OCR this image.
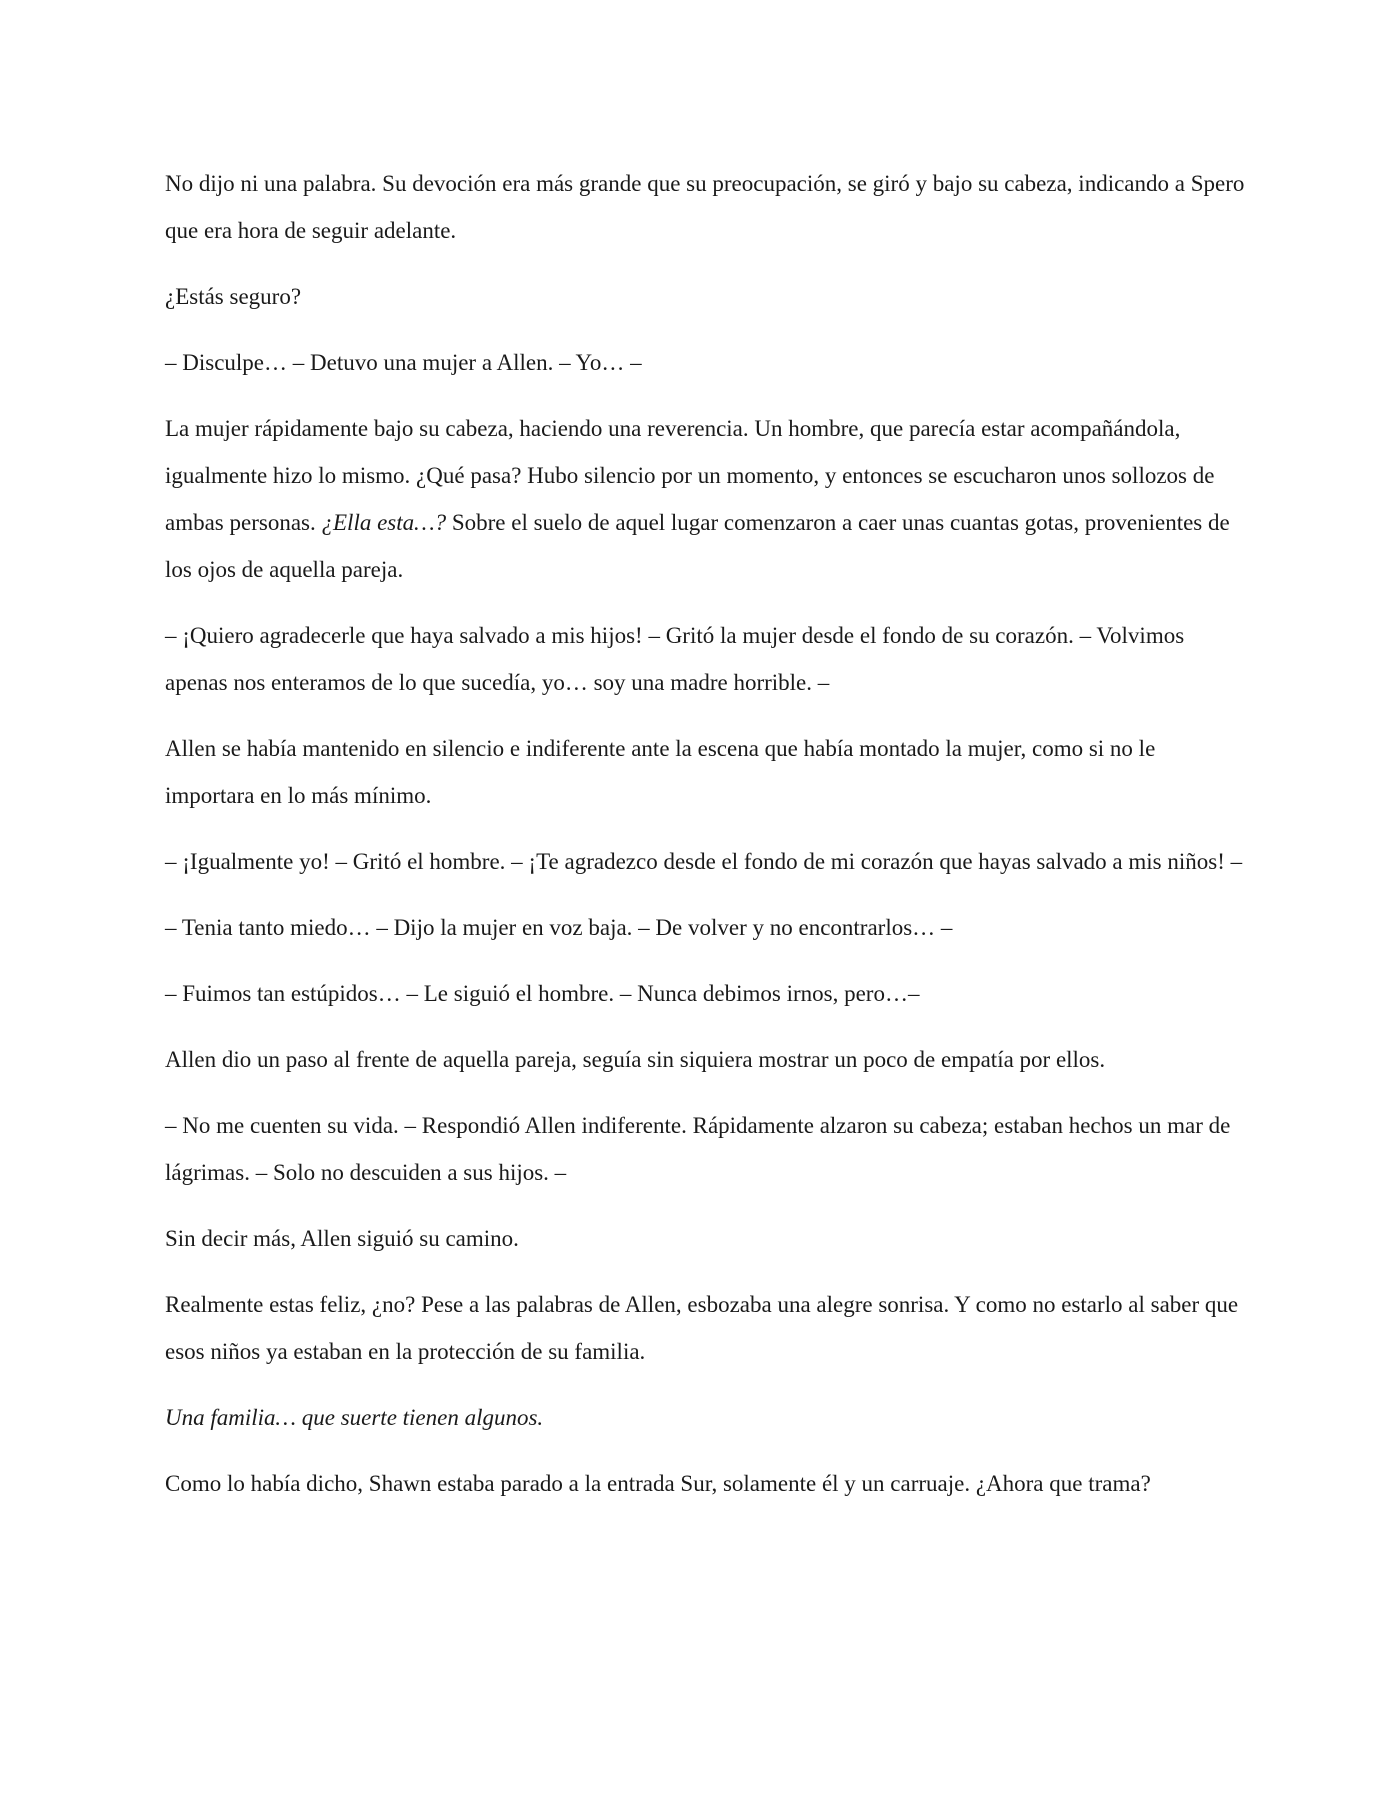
No dijo ni una palabra. Su devoción era más grande que su preocupación, se giró y bajo su cabeza, indicando a Spero que era hora de seguir adelante.

¿Estás seguro?

– Disculpe… – Detuvo una mujer a Allen. – Yo… –

La mujer rápidamente bajo su cabeza, haciendo una reverencia. Un hombre, que parecía estar acompañándola, igualmente hizo lo mismo. ¿Qué pasa? Hubo silencio por un momento, y entonces se escucharon unos sollozos de ambas personas. ¿Ella esta…? Sobre el suelo de aquel lugar comenzaron a caer unas cuantas gotas, provenientes de los ojos de aquella pareja.

– ¡Quiero agradecerle que haya salvado a mis hijos! – Gritó la mujer desde el fondo de su corazón. – Volvimos apenas nos enteramos de lo que sucedía, yo… soy una madre horrible. –

Allen se había mantenido en silencio e indiferente ante la escena que había montado la mujer, como si no le importara en lo más mínimo.

– ¡Igualmente yo! – Gritó el hombre. – ¡Te agradezco desde el fondo de mi corazón que hayas salvado a mis niños! –

– Tenia tanto miedo… – Dijo la mujer en voz baja. – De volver y no encontrarlos… –

– Fuimos tan estúpidos… – Le siguió el hombre. – Nunca debimos irnos, pero…–

Allen dio un paso al frente de aquella pareja, seguía sin siquiera mostrar un poco de empatía por ellos.

– No me cuenten su vida. – Respondió Allen indiferente. Rápidamente alzaron su cabeza; estaban hechos un mar de lágrimas. – Solo no descuiden a sus hijos. –

Sin decir más, Allen siguió su camino.

Realmente estas feliz, ¿no? Pese a las palabras de Allen, esbozaba una alegre sonrisa. Y como no estarlo al saber que esos niños ya estaban en la protección de su familia.

Una familia… que suerte tienen algunos.

Como lo había dicho, Shawn estaba parado a la entrada Sur, solamente él y un carruaje. ¿Ahora que trama?
